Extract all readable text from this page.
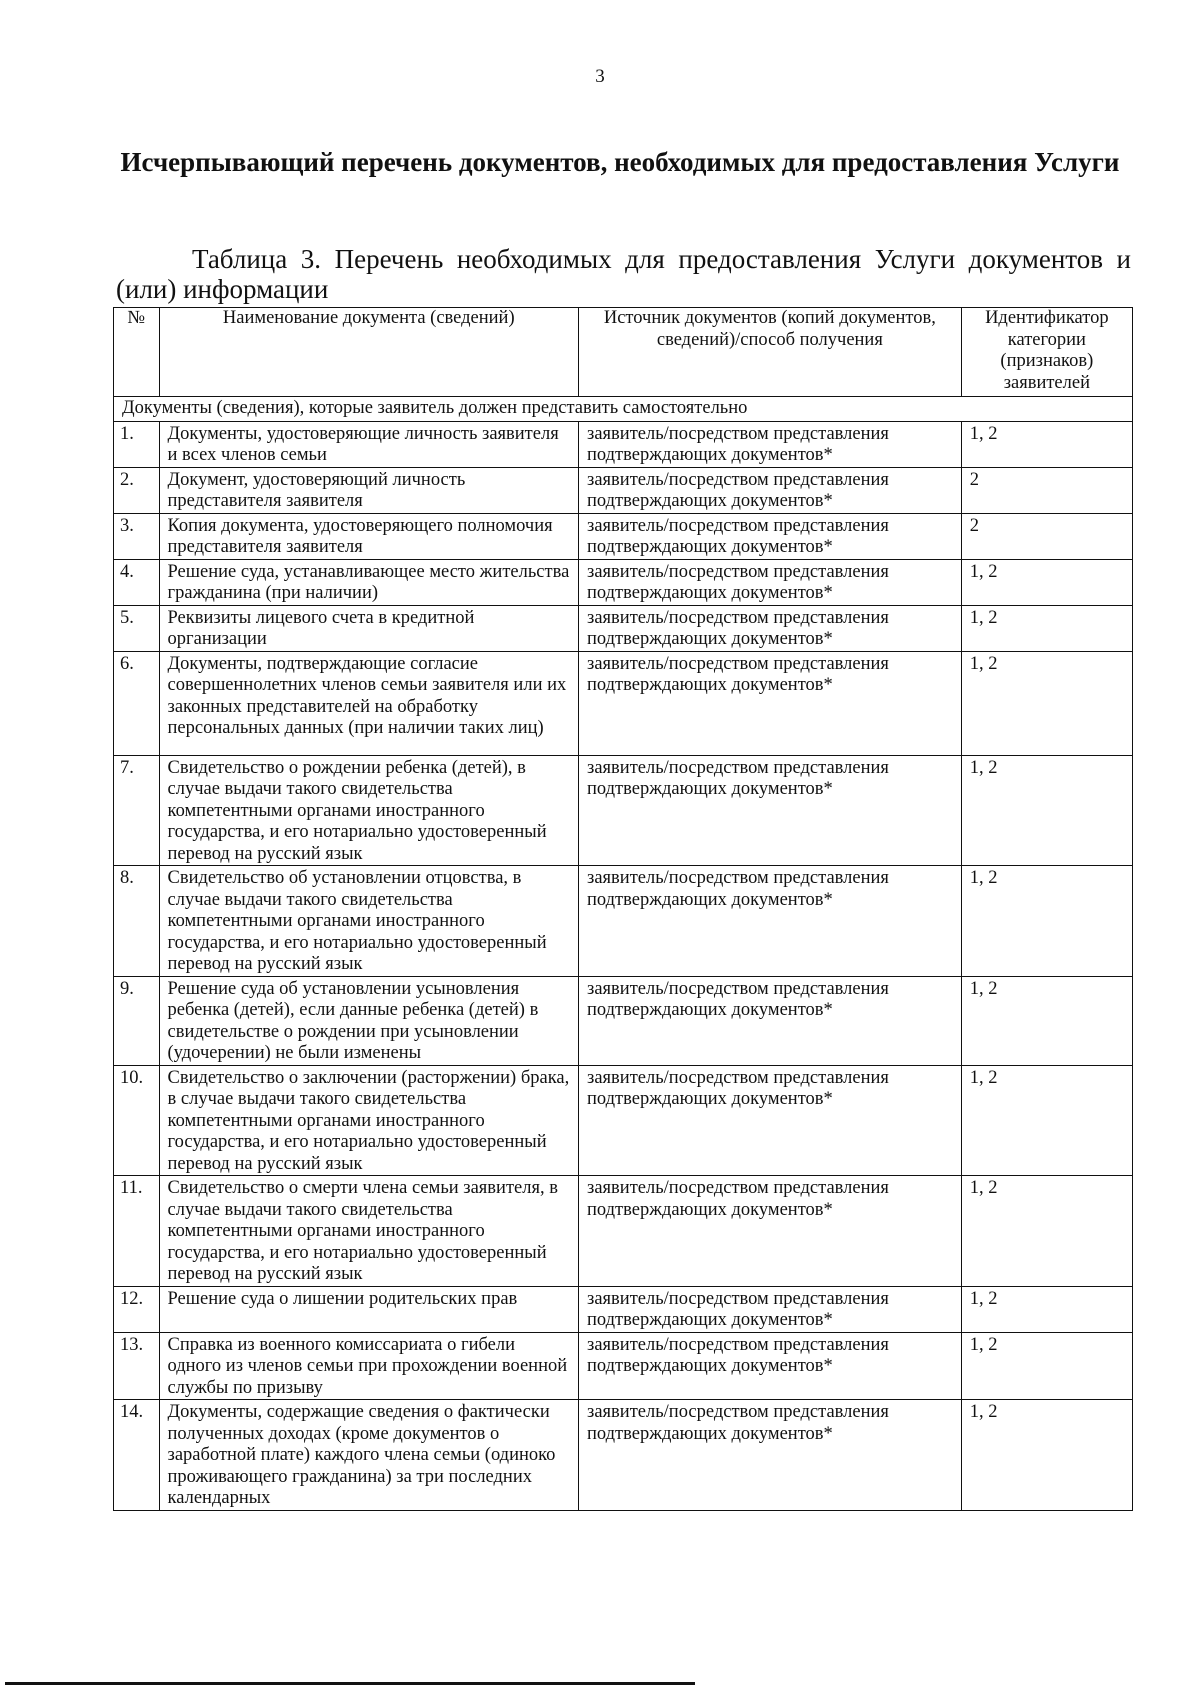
3
Исчерпывающий перечень документов, необходимых для предоставления Услуги
Таблица 3. Перечень необходимых для предоставления Услуги документов и (или) информации
№	Наименование документа (сведений)	Источник документов (копий документов, сведений)/способ получения	Идентификатор категории (признаков) заявителей
Документы (сведения), которые заявитель должен представить самостоятельно			
1.	Документы, удостоверяющие личность заявителя и всех членов семьи	заявитель/посредством представления подтверждающих документов*	1, 2
2.	Документ, удостоверяющий личность представителя заявителя	заявитель/посредством представления подтверждающих документов*	2
3.	Копия документа, удостоверяющего полномочия представителя заявителя	заявитель/посредством представления подтверждающих документов*	2
4.	Решение суда, устанавливающее место жительства гражданина (при наличии)	заявитель/посредством представления подтверждающих документов*	1, 2
5.	Реквизиты лицевого счета в кредитной организации	заявитель/посредством представления подтверждающих документов*	1, 2
6.	Документы, подтверждающие согласие совершеннолетних членов семьи заявителя или их законных представителей на обработку персональных данных (при наличии таких лиц)	заявитель/посредством представления подтверждающих документов*	1, 2
7.	Свидетельство о рождении ребенка (детей), в случае выдачи такого свидетельства компетентными органами иностранного государства, и его нотариально удостоверенный перевод на русский язык	заявитель/посредством представления подтверждающих документов*	1, 2
8.	Свидетельство об установлении отцовства, в случае выдачи такого свидетельства компетентными органами иностранного государства, и его нотариально удостоверенный перевод на русский язык	заявитель/посредством представления подтверждающих документов*	1, 2
9.	Решение суда об установлении усыновления ребенка (детей), если данные ребенка (детей) в свидетельстве о рождении при усыновлении (удочерении) не были изменены	заявитель/посредством представления подтверждающих документов*	1, 2
10.	Свидетельство о заключении (расторжении) брака, в случае выдачи такого свидетельства компетентными органами иностранного государства, и его нотариально удостоверенный перевод на русский язык	заявитель/посредством представления подтверждающих документов*	1, 2
11.	Свидетельство о смерти члена семьи заявителя, в случае выдачи такого свидетельства компетентными органами иностранного государства, и его нотариально удостоверенный перевод на русский язык	заявитель/посредством представления подтверждающих документов*	1, 2
12.	Решение суда о лишении родительских прав	заявитель/посредством представления подтверждающих документов*	1, 2
13.	Справка из военного комиссариата о гибели одного из членов семьи при прохождении военной службы по призыву	заявитель/посредством представления подтверждающих документов*	1, 2
14.	Документы, содержащие сведения о фактически полученных доходах (кроме документов о заработной плате) каждого члена семьи (одиноко проживающего гражданина) за три последних календарных	заявитель/посредством представления подтверждающих документов*	1, 2
